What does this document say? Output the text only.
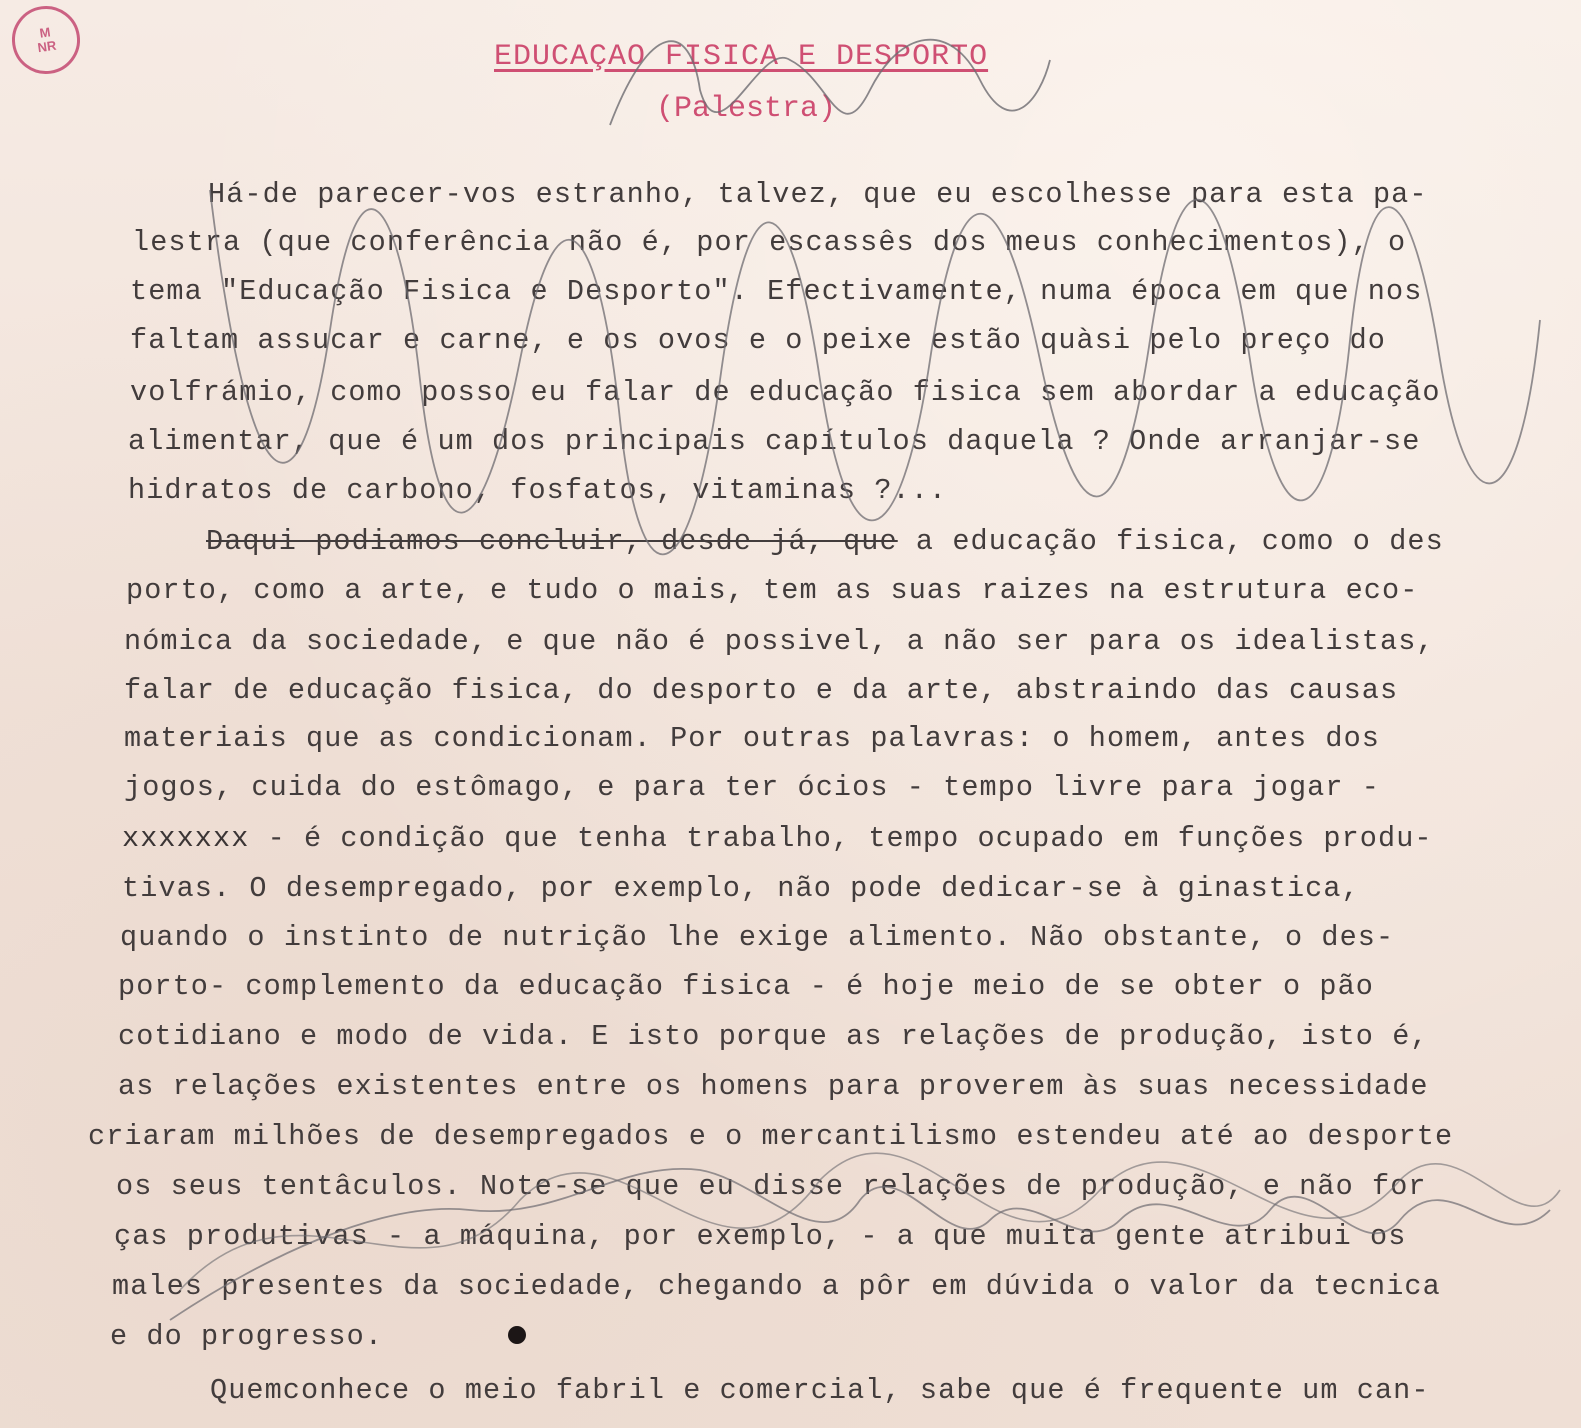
M
NR	EDUCAÇAO FISICA E DESPORTO
(Palestra)
Há-de parecer-vos estranho, talvez, que eu escolhesse para esta pa-
lestra (que conferência não é, por escassês dos meus conhecimentos), o
tema "Educação Fisica e Desporto". Efectivamente, numa época em que nos
faltam assucar e carne, e os ovos e o peixe estão quàsi pelo preço do
volfrámio, como posso eu falar de educação fisica sem abordar a educação
alimentar, que é um dos principais capítulos daquela ? Onde arranjar-se
hidratos de carbono, fosfatos, vitaminas ?...
Daqui podiamos concluir, desde já, que a educação fisica, como o des
porto, como a arte, e tudo o mais, tem as suas raizes na estrutura eco-
nómica da sociedade, e que não é possivel, a não ser para os idealistas,
falar de educação fisica, do desporto e da arte, abstraindo das causas
materiais que as condicionam. Por outras palavras: o homem, antes dos
jogos, cuida do estômago, e para ter ócios - tempo livre para jogar -
xxxxxxx - é condição que tenha trabalho, tempo ocupado em funções produ-
tivas. O desempregado, por exemplo, não pode dedicar-se à ginastica,
quando o instinto de nutrição lhe exige alimento. Não obstante, o des-
porto- complemento da educação fisica - é hoje meio de se obter o pão
cotidiano e modo de vida. E isto porque as relações de produção, isto é,
as relações existentes entre os homens para proverem às suas necessidade
criaram milhões de desempregados e o mercantilismo estendeu até ao desporte
os seus tentâculos. Note-se que eu disse relações de produção, e não for
ças produtivas - a máquina, por exemplo, - a que muita gente atribui os
males presentes da sociedade, chegando a pôr em dúvida o valor da tecnica
e do progresso.
Quemconhece o meio fabril e comercial, sabe que é frequente um can-
